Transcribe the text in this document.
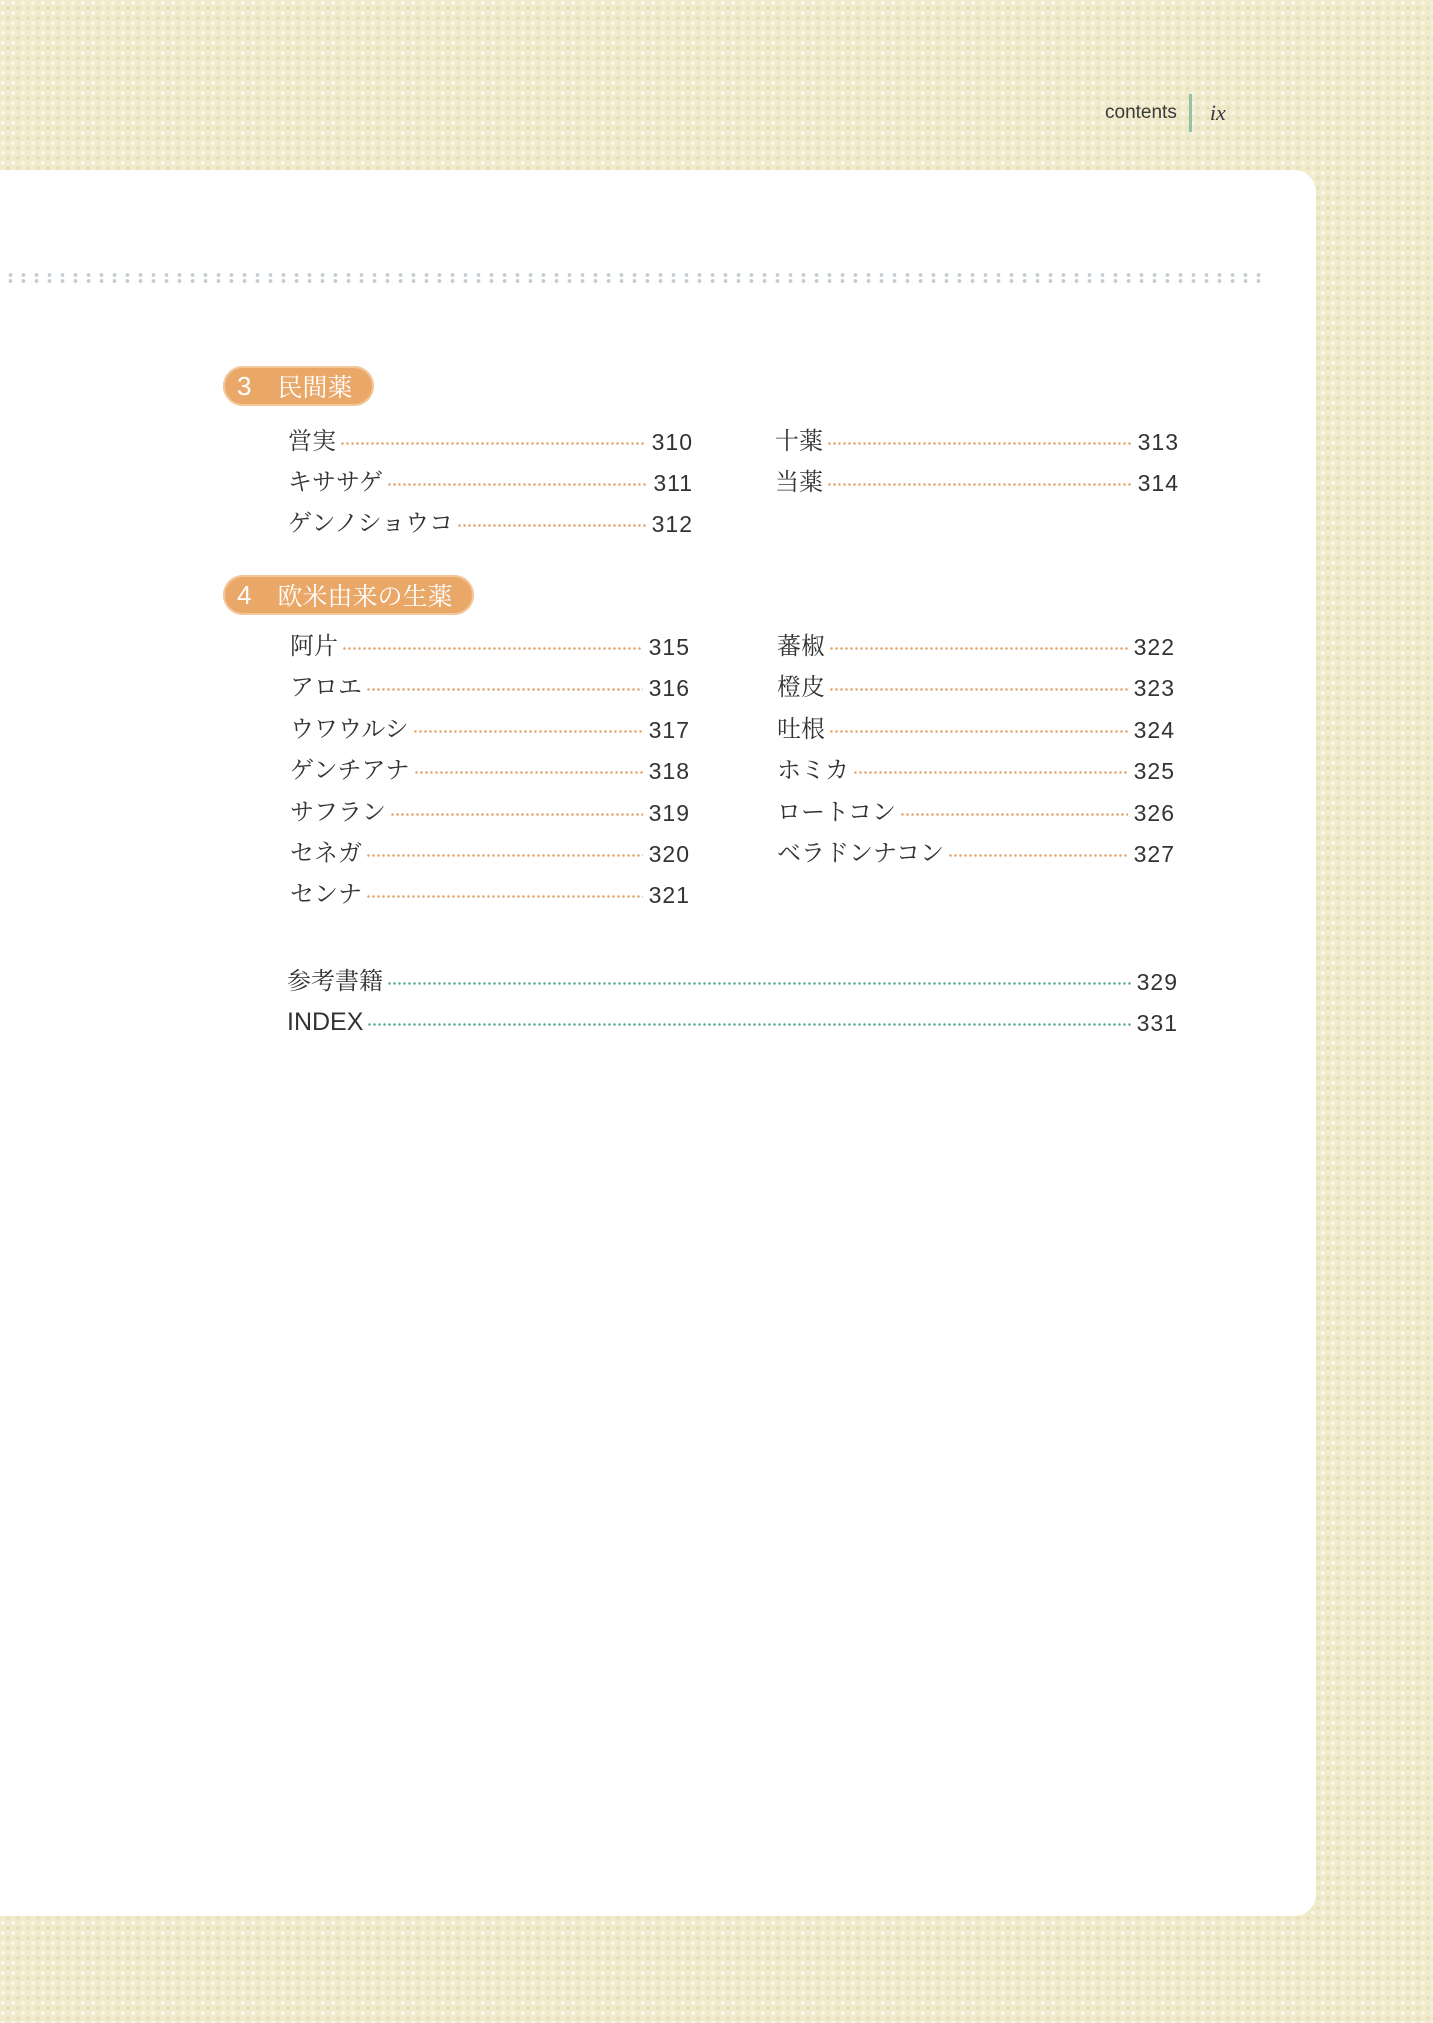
contents ix
3 民間薬
営実	310
キササゲ	311
ゲンノショウコ	312
十薬	313
当薬	314
4 欧米由来の生薬
阿片	315
アロエ	316
ウワウルシ	317
ゲンチアナ	318
サフラン	319
セネガ	320
センナ	321
蕃椒	322
橙皮	323
吐根	324
ホミカ	325
ロートコン	326
ベラドンナコン	327
参考書籍	329
INDEX	331
